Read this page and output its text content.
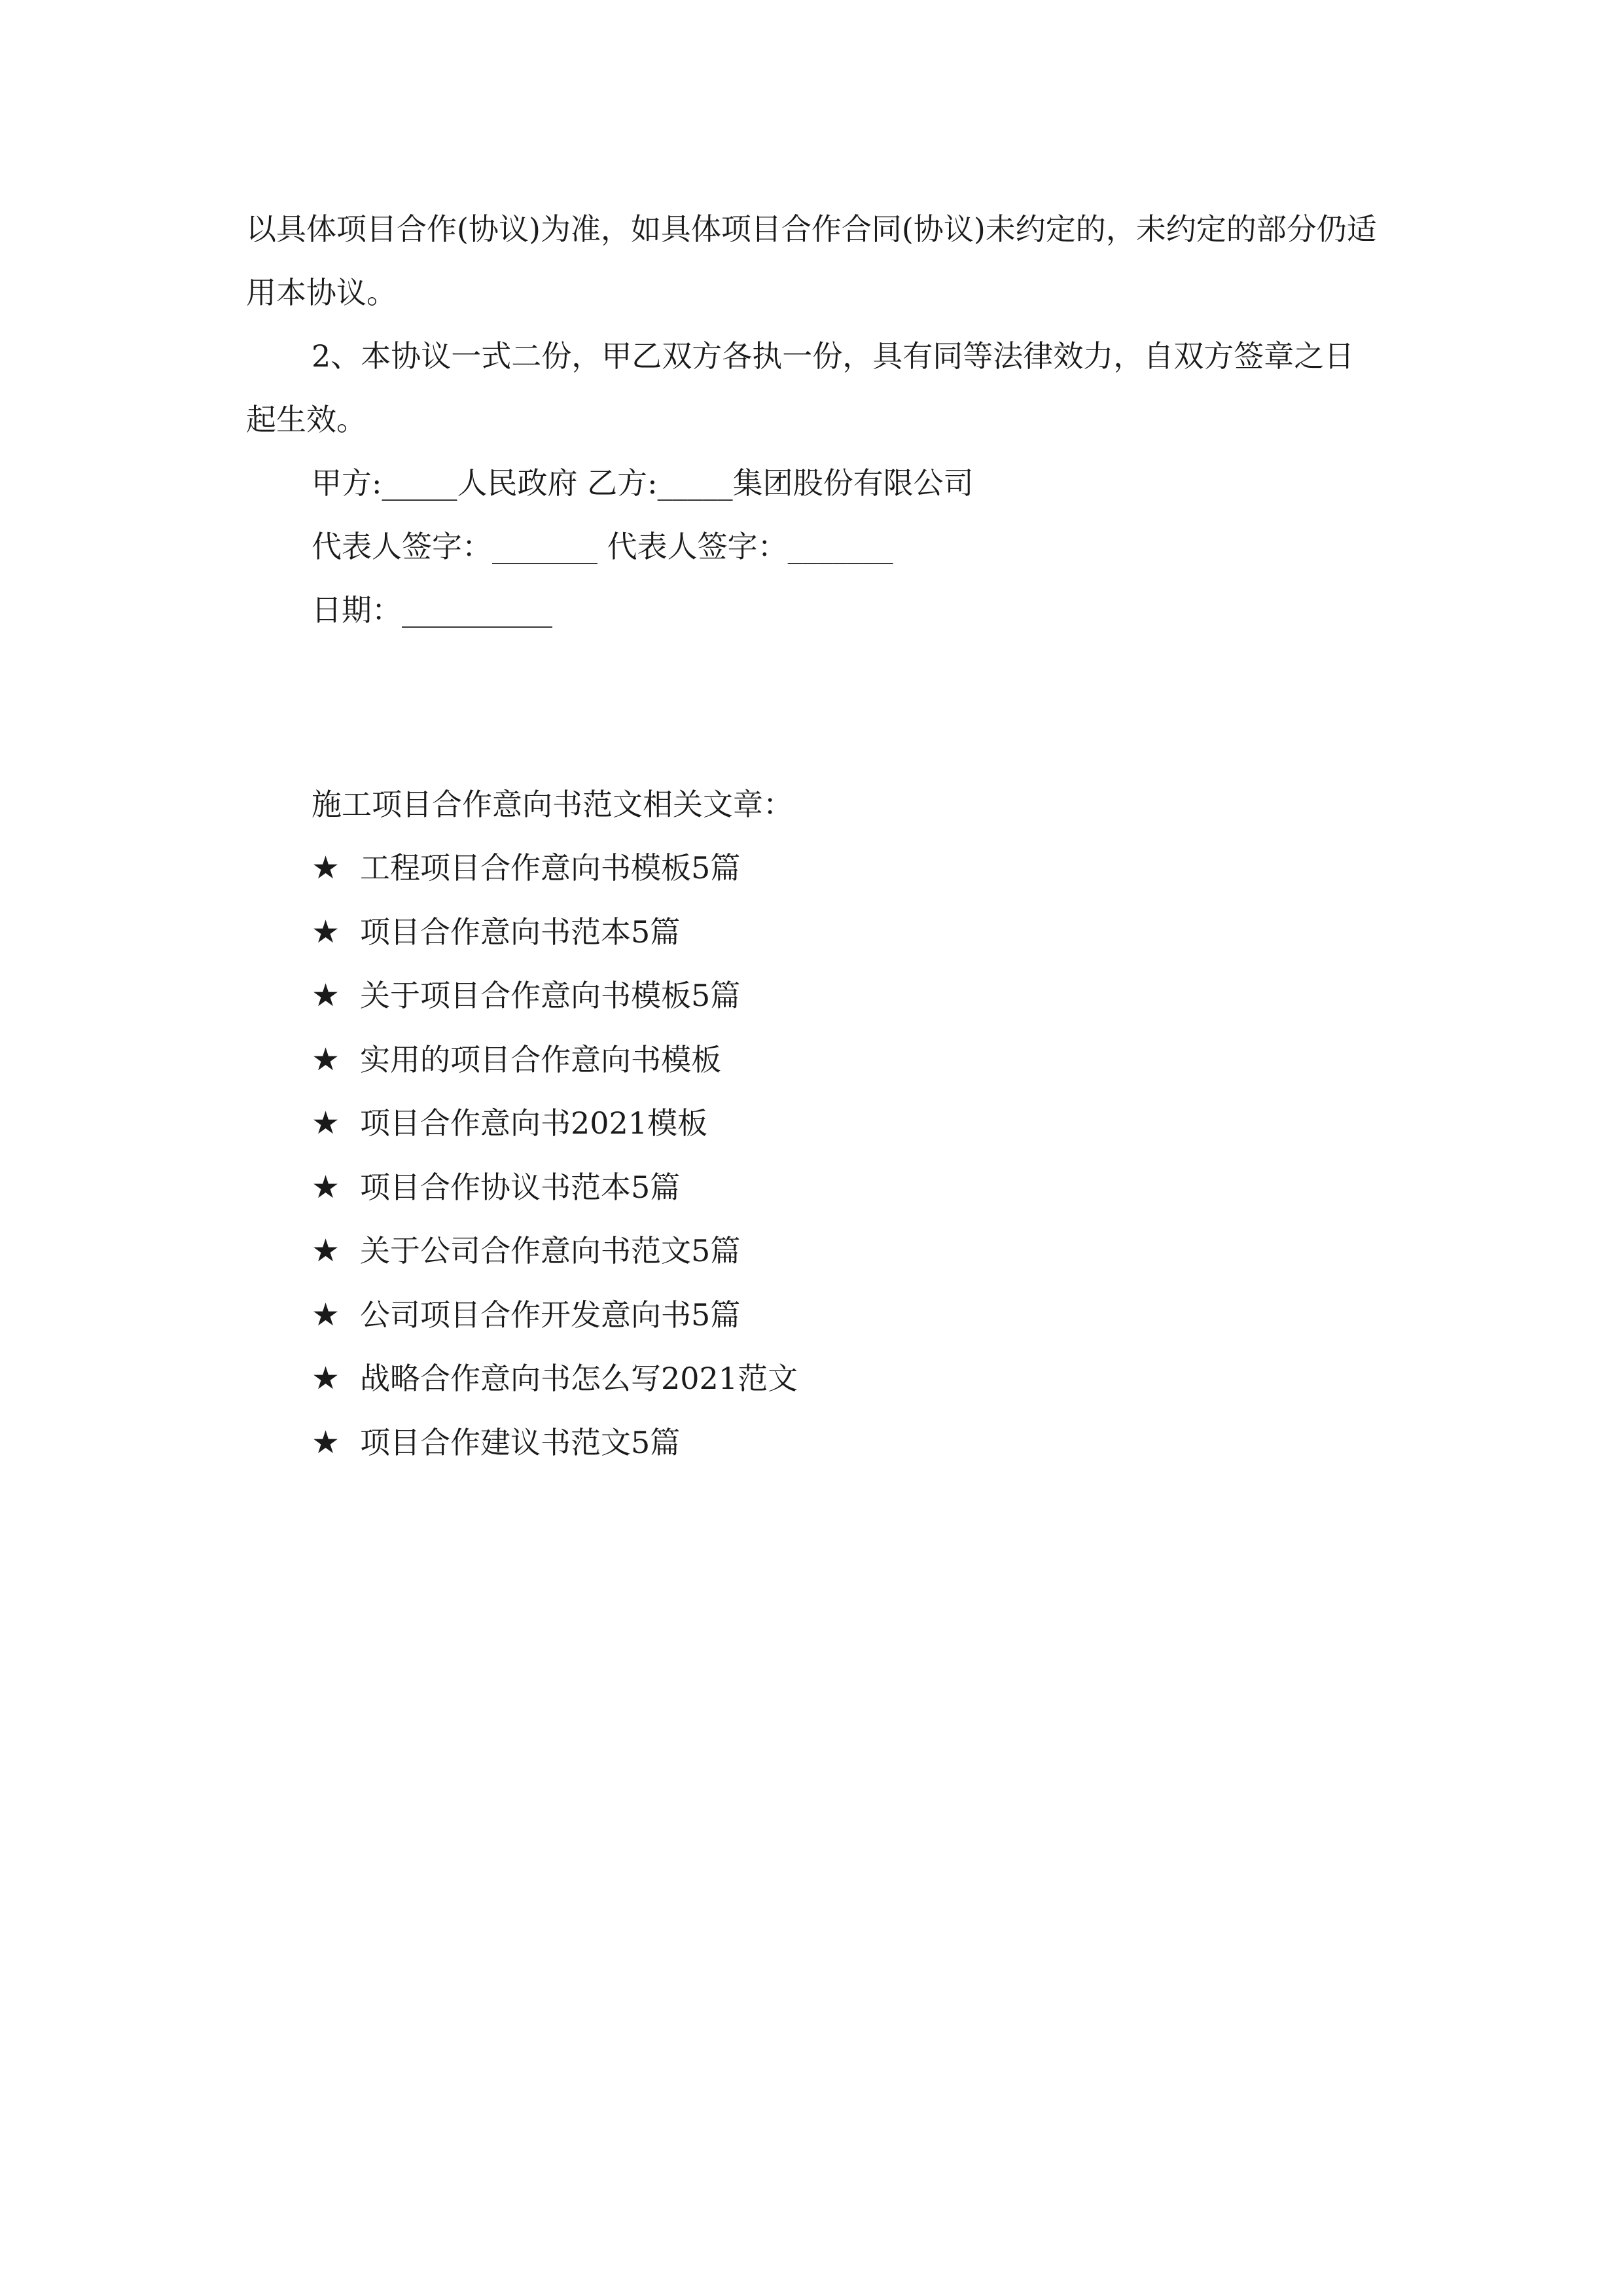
以具体项目合作(协议)为准，如具体项目合作合同(协议)未约定的，未约定的部分仍适用本协议。

2、本协议一式二份，甲乙双方各执一份，具有同等法律效力，自双方签章之日起生效。

甲方:_____人民政府 乙方:_____集团股份有限公司
代表人签字：_______ 代表人签字：_______
日期：__________
施工项目合作意向书范文相关文章：
★ 工程项目合作意向书模板5篇
★ 项目合作意向书范本5篇
★ 关于项目合作意向书模板5篇
★ 实用的项目合作意向书模板
★ 项目合作意向书2021模板
★ 项目合作协议书范本5篇
★ 关于公司合作意向书范文5篇
★ 公司项目合作开发意向书5篇
★ 战略合作意向书怎么写2021范文
★ 项目合作建议书范文5篇
